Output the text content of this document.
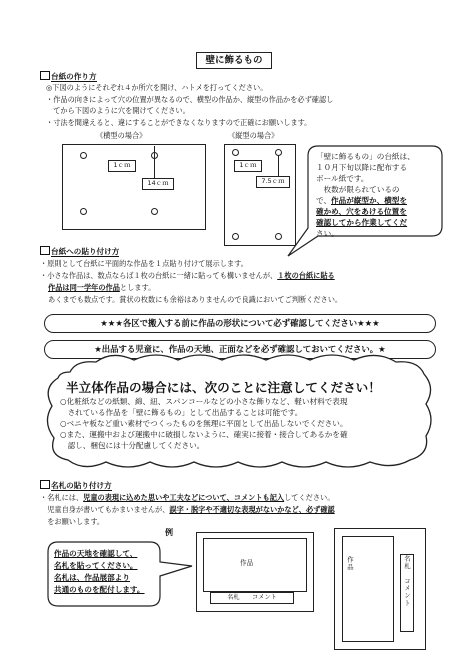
壁に飾るもの
台紙の作り方
◎下図のようにそれぞれ４か所穴を開け、ハトメを打ってください。
・作品の向きによって穴の位置が異なるので、横型の作品か、縦型の作品かを必ず確認し
　てから下図のように穴を開けてください。
・寸法を間違えると、違にすることができなくなりますので正確にお願いします。
《横型の場合》	《縦型の場合》
1ｃｍ
14ｃｍ
1ｃｍ
7.5ｃｍ
「壁に飾るもの」の台紙は、
１０月下旬以降に配布する
ボール紙です。
　枚数が限られているの
で、作品が縦型か、横型を
確かめ、穴をあける位置を
確認してから作業してくだ
さい。
台紙への貼り付け方
・原則として台紙に平面的な作品を１点貼り付けて展示します。
・小さな作品は、数点ならば１枚の台紙に一緒に貼っても構いませんが、１枚の台紙に貼る
作品は同一学年の作品とします。
あくまでも数点です。賞状の枚数にも余裕はありませんので良識においてご判断ください。
★★★各区で搬入する前に作品の形状について必ず確認してください★★★
★出品する児童に、作品の天地、正面などを必ず確認しておいてください。★
半立体作品の場合には、次のことに注意してください！
○化粧紙などの紙類、綿、紐、スパンコールなどの小さな飾りなど、軽い材料で表現
　されている作品を「壁に飾るもの」として出品することは可能です。
○ベニヤ板など重い素材でつくったものを無理に平面として出品しないでください。
○また、運搬中および運搬中に破損しないように、確実に接着・接合してあるかを確
　認し、梱包には十分配慮してください。
名札の貼り付け方
・名札には、児童の表現に込めた思いや工夫などについて、コメントも記入してください。
　児童自身が書いてもかまいませんが、誤字・脱字や不適切な表現がないかなど、必ず確認
　をお願いします。
例
作品の天地を確認して、
名札を貼ってください。
名札は、作品展部より
共通のものを配付します。
作品
名札　　コメント
作品	名札　コメント
